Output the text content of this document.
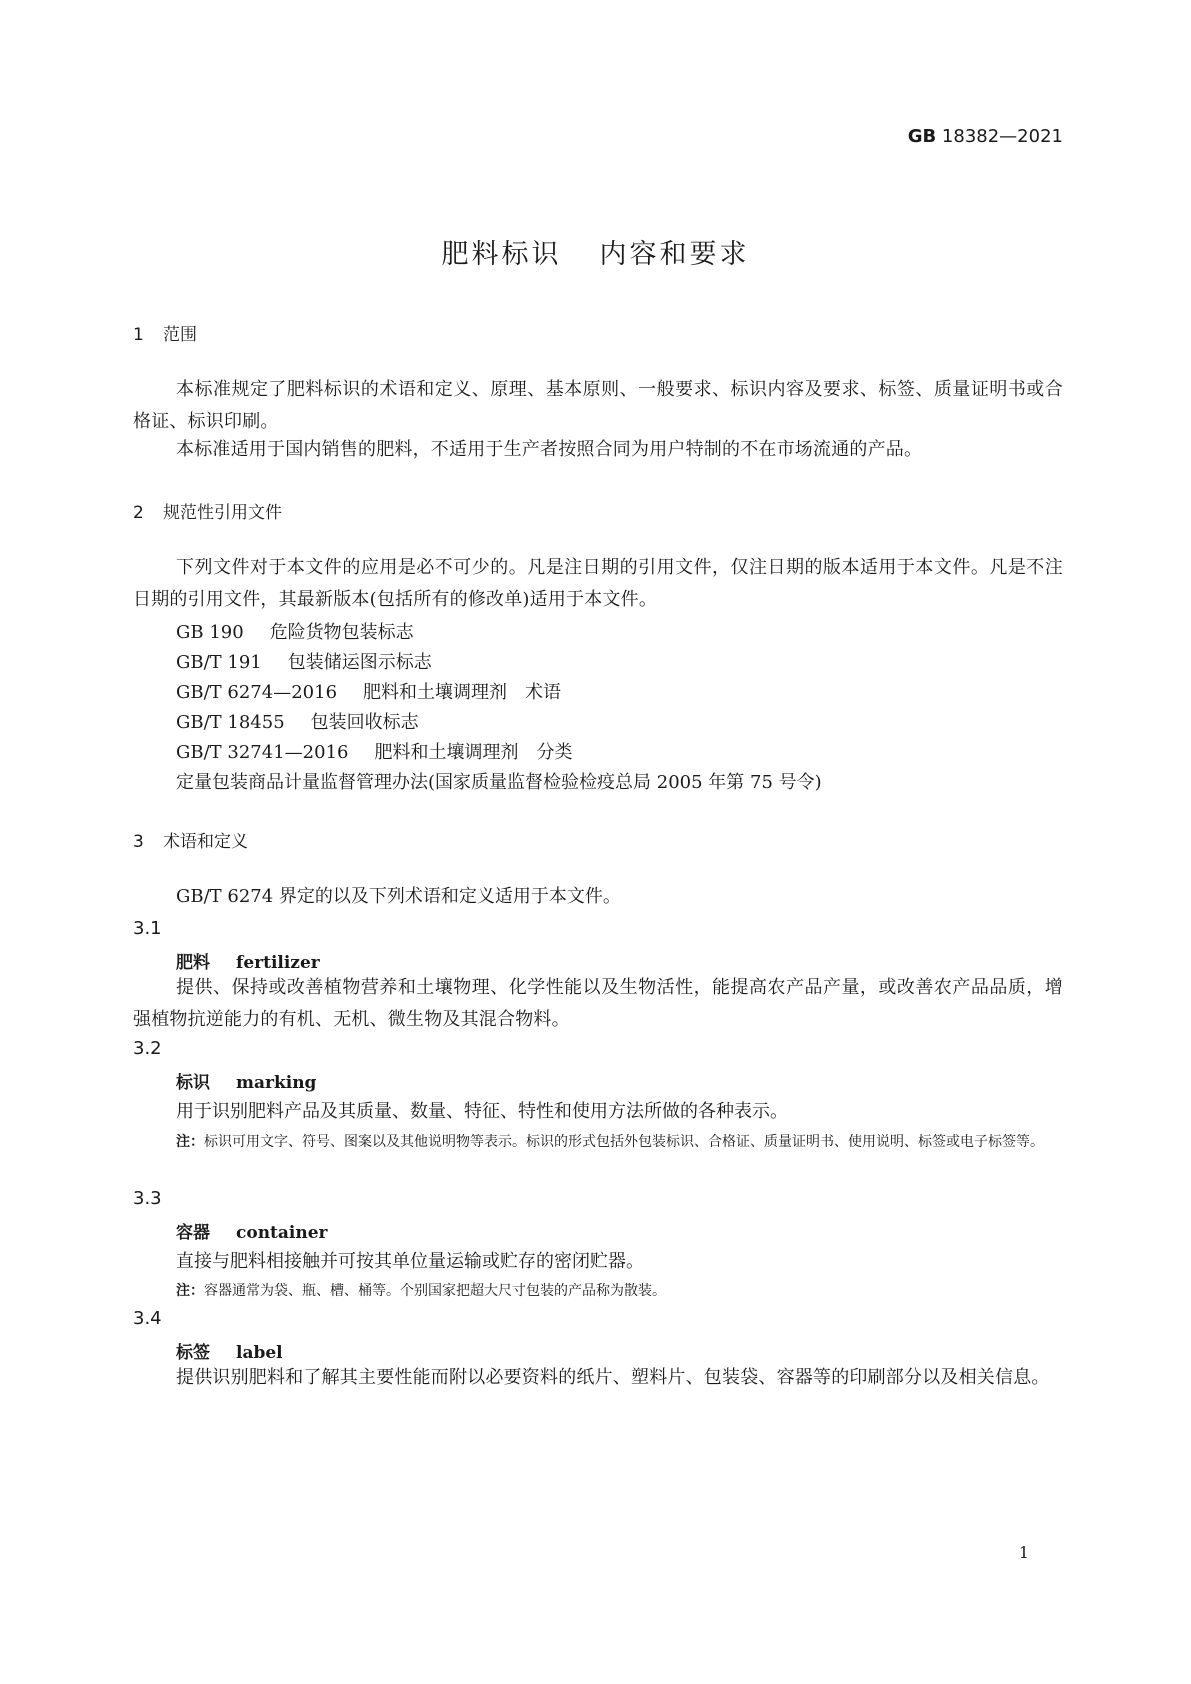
GB 18382—2021
肥料标识 内容和要求
1 范围
本标准规定了肥料标识的术语和定义、原理、基本原则、一般要求、标识内容及要求、标签、质量证明书或合格证、标识印刷。
本标准适用于国内销售的肥料，不适用于生产者按照合同为用户特制的不在市场流通的产品。
2 规范性引用文件
下列文件对于本文件的应用是必不可少的。凡是注日期的引用文件，仅注日期的版本适用于本文件。凡是不注日期的引用文件，其最新版本(包括所有的修改单)适用于本文件。
GB 190 危险货物包装标志
GB/T 191 包装储运图示标志
GB/T 6274—2016 肥料和土壤调理剂　术语
GB/T 18455 包装回收标志
GB/T 32741—2016 肥料和土壤调理剂　分类
定量包装商品计量监督管理办法(国家质量监督检验检疫总局 2005 年第 75 号令)
3 术语和定义
GB/T 6274 界定的以及下列术语和定义适用于本文件。
3.1
肥料 fertilizer
提供、保持或改善植物营养和土壤物理、化学性能以及生物活性，能提高农产品产量，或改善农产品品质，增强植物抗逆能力的有机、无机、微生物及其混合物料。
3.2
标识 marking
用于识别肥料产品及其质量、数量、特征、特性和使用方法所做的各种表示。
注：标识可用文字、符号、图案以及其他说明物等表示。标识的形式包括外包装标识、合格证、质量证明书、使用说明、标签或电子标签等。
3.3
容器 container
直接与肥料相接触并可按其单位量运输或贮存的密闭贮器。
注：容器通常为袋、瓶、槽、桶等。个别国家把超大尺寸包装的产品称为散装。
3.4
标签 label
提供识别肥料和了解其主要性能而附以必要资料的纸片、塑料片、包装袋、容器等的印刷部分以及相关信息。
1
